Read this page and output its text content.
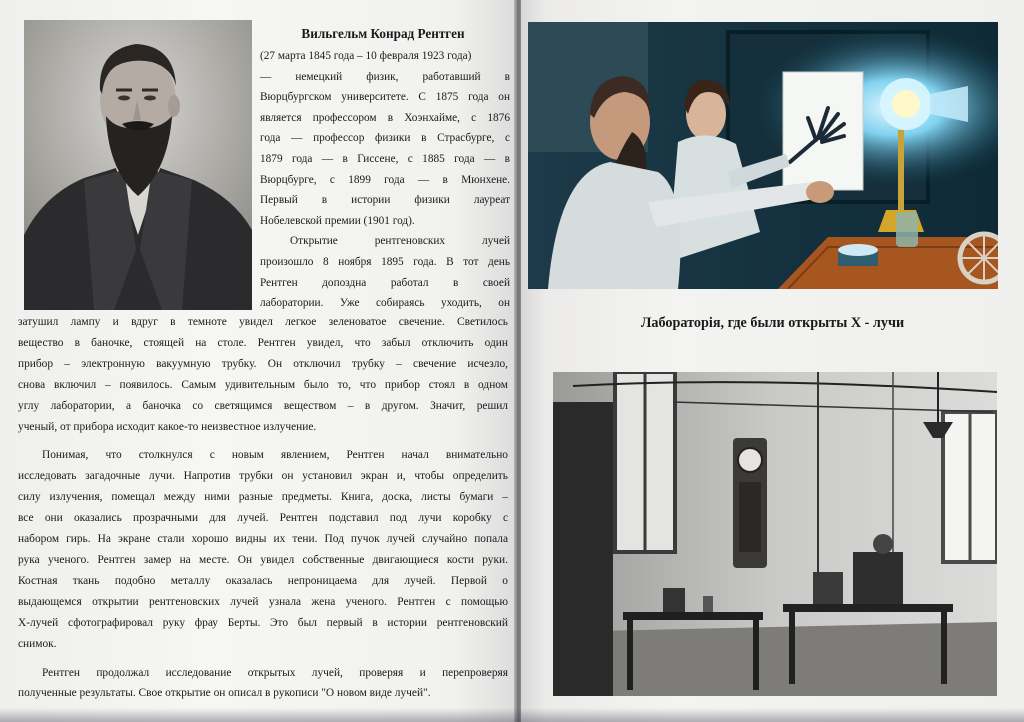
Вильгельм Конрад Рентген

(27 марта 1845 года – 10 февраля 1923 года)

— немецкий физик, работавший в

Вюрцбургском университете. С 1875 года он

является профессором в Хоэнхайме, с 1876

года — профессор физики в Страсбурге, с

1879 года — в Гиссене, с 1885 года — в

Вюрцбурге, с 1899 года — в Мюнхене.

Первый в истории физики лауреат

Нобелевской премии (1901 год).

Открытие рентгеновских лучей

произошло 8 ноября 1895 года. В тот день

Рентген допоздна работал в своей

лаборатории. Уже собираясь уходить, он

затушил лампу и вдруг в темноте увидел легкое зеленоватое свечение. Светилось

вещество в баночке, стоящей на столе. Рентген увидел, что забыл отключить один

прибор – электронную вакуумную трубку. Он отключил трубку – свечение исчезло,

снова включил – появилось. Самым удивительным было то, что прибор стоял в одном

углу лаборатории, а баночка со светящимся веществом – в другом. Значит, решил

ученый, от прибора исходит какое-то неизвестное излучение.

Понимая, что столкнулся с новым явлением, Рентген начал внимательно

исследовать загадочные лучи. Напротив трубки он установил экран и, чтобы определить

силу излучения, помещал между ними разные предметы. Книга, доска, листы бумаги –

все они оказались прозрачными для лучей. Рентген подставил под лучи коробку с

набором гирь. На экране стали хорошо видны их тени. Под пучок лучей случайно попала

рука ученого. Рентген замер на месте. Он увидел собственные двигающиеся кости руки.

Костная ткань подобно металлу оказалась непроницаема для лучей. Первой о

выдающемся открытии рентгеновских лучей узнала жена ученого. Рентген с помощью

Х-лучей сфотографировал руку фрау Берты. Это был первый в истории рентгеновский

снимок.

Рентген продолжал исследование открытых лучей, проверяя и перепроверяя

полученные результаты. Свое открытие он описал в рукописи "О новом виде лучей".

Лабораторія, где были открыты X - лучи
